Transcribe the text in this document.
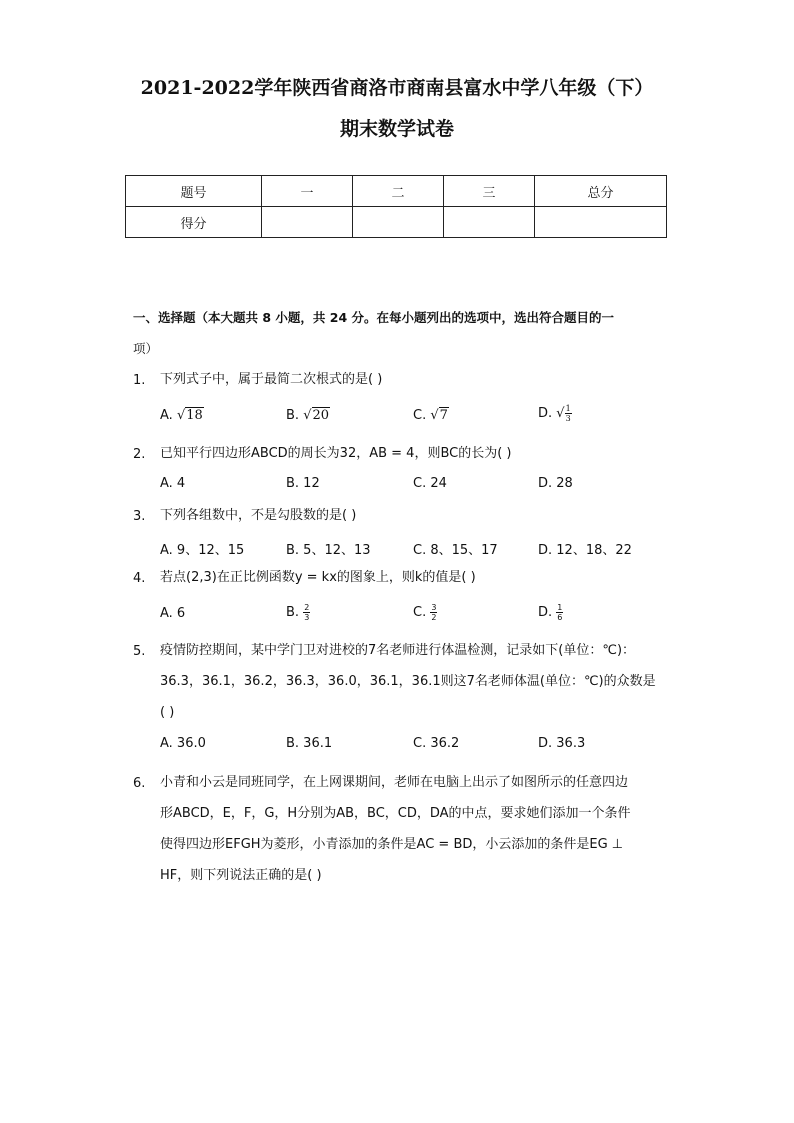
2021-2022学年陕西省商洛市商南县富水中学八年级（下）
期末数学试卷
题号	一	二	三	总分
得分				
一、选择题（本大题共 8 小题，共 24 分。在每小题列出的选项中，选出符合题目的一
项）
1. 下列式子中，属于最简二次根式的是( )
A. √18	B. √20	C. √7	D. √ $\frac{1}{3}$
2. 已知平行四边形ABCD的周长为32，AB = 4，则BC的长为( )
A. 4	B. 12	C. 24	D. 28
3. 下列各组数中，不是勾股数的是( )
A. 9、12、15	B. 5、12、13	C. 8、15、17	D. 12、18、22
4. 若点(2,3)在正比例函数y = kx的图象上，则k的值是( )
A. 6	B. $\frac{2}{3}$	C. $\frac{3}{2}$	D. $\frac{1}{6}$
5. 疫情防控期间，某中学门卫对进校的7名老师进行体温检测，记录如下(单位：℃)：
36.3，36.1，36.2，36.3，36.0，36.1，36.1则这7名老师体温(单位：℃)的众数是
( )
A. 36.0	B. 36.1	C. 36.2	D. 36.3
6. 小青和小云是同班同学，在上网课期间，老师在电脑上出示了如图所示的任意四边
形ABCD，E，F，G，H分别为AB，BC，CD，DA的中点，要求她们添加一个条件
使得四边形EFGH为菱形，小青添加的条件是AC = BD，小云添加的条件是EG ⊥
HF，则下列说法正确的是( )
